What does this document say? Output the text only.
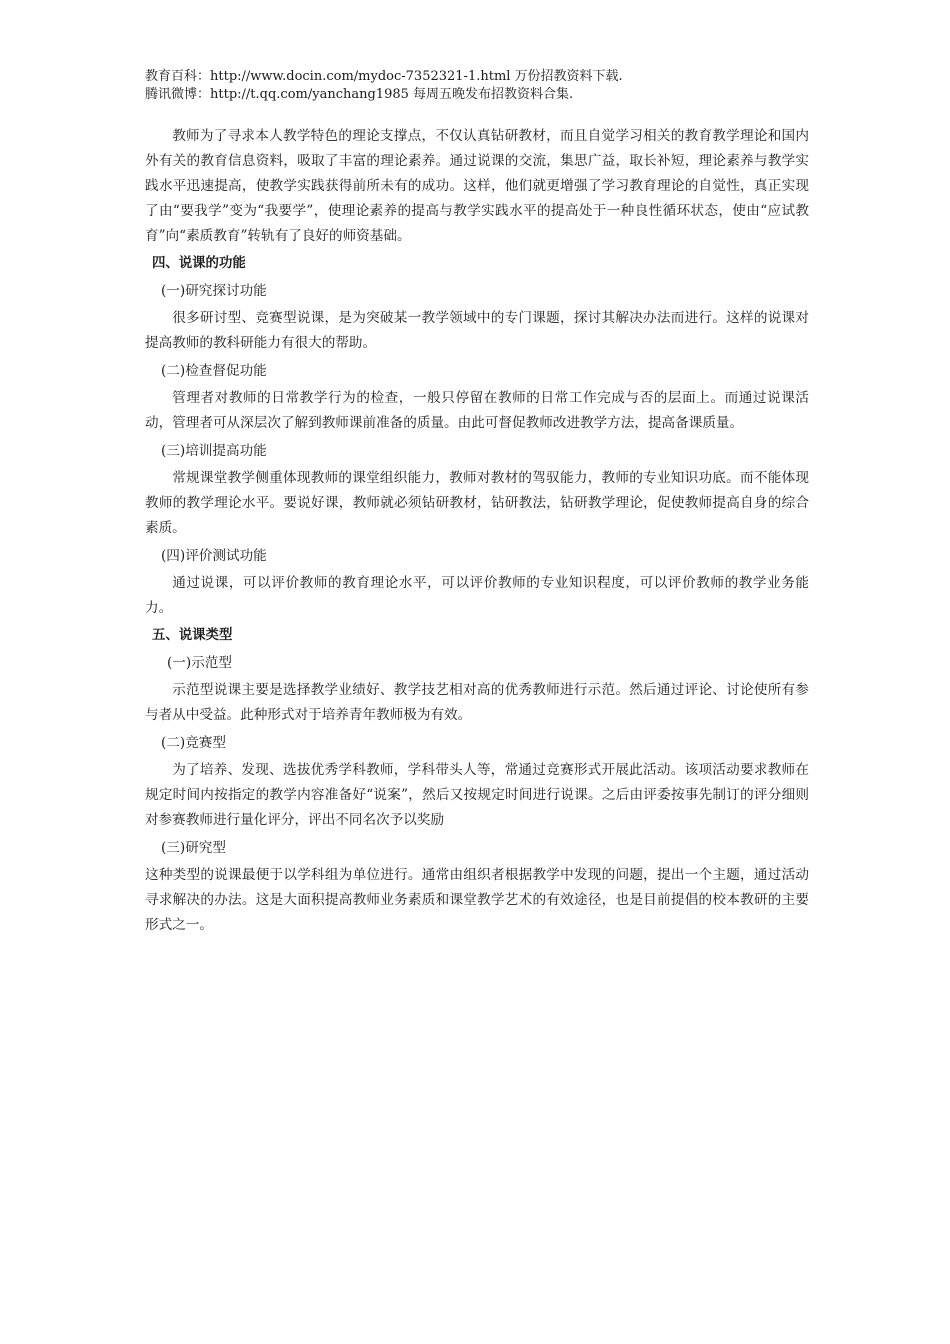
教育百科：http://www.docin.com/mydoc-7352321-1.html 万份招教资料下载.
腾讯微博：http://t.qq.com/yanchang1985 每周五晚发布招教资料合集.

教师为了寻求本人教学特色的理论支撑点，不仅认真钻研教材，而且自觉学习相关的教育教学理论和国内外有关的教育信息资料，吸取了丰富的理论素养。通过说课的交流，集思广益，取长补短，理论素养与教学实践水平迅速提高，使教学实践获得前所未有的成功。这样，他们就更增强了学习教育理论的自觉性，真正实现了由“要我学”变为“我要学”，使理论素养的提高与教学实践水平的提高处于一种良性循环状态，使由“应试教育”向“素质教育”转轨有了良好的师资基础。

四、说课的功能
(一)研究探讨功能

很多研讨型、竞赛型说课，是为突破某一教学领域中的专门课题，探讨其解决办法而进行。这样的说课对提高教师的教科研能力有很大的帮助。

(二)检查督促功能

管理者对教师的日常教学行为的检查，一般只停留在教师的日常工作完成与否的层面上。而通过说课活动，管理者可从深层次了解到教师课前准备的质量。由此可督促教师改进教学方法，提高备课质量。

(三)培训提高功能

常规课堂教学侧重体现教师的课堂组织能力，教师对教材的驾驭能力，教师的专业知识功底。而不能体现教师的教学理论水平。要说好课，教师就必须钻研教材，钻研教法，钻研教学理论，促使教师提高自身的综合素质。

(四)评价测试功能

通过说课，可以评价教师的教育理论水平，可以评价教师的专业知识程度，可以评价教师的教学业务能力。

五、说课类型
(一)示范型

示范型说课主要是选择教学业绩好、教学技艺相对高的优秀教师进行示范。然后通过评论、讨论使所有参与者从中受益。此种形式对于培养青年教师极为有效。

(二)竞赛型

为了培养、发现、选拔优秀学科教师，学科带头人等，常通过竞赛形式开展此活动。该项活动要求教师在规定时间内按指定的教学内容准备好“说案”，然后又按规定时间进行说课。之后由评委按事先制订的评分细则对参赛教师进行量化评分，评出不同名次予以奖励

(三)研究型

这种类型的说课最便于以学科组为单位进行。通常由组织者根据教学中发现的问题，提出一个主题，通过活动寻求解决的办法。这是大面积提高教师业务素质和课堂教学艺术的有效途径，也是目前提倡的校本教研的主要形式之一。
